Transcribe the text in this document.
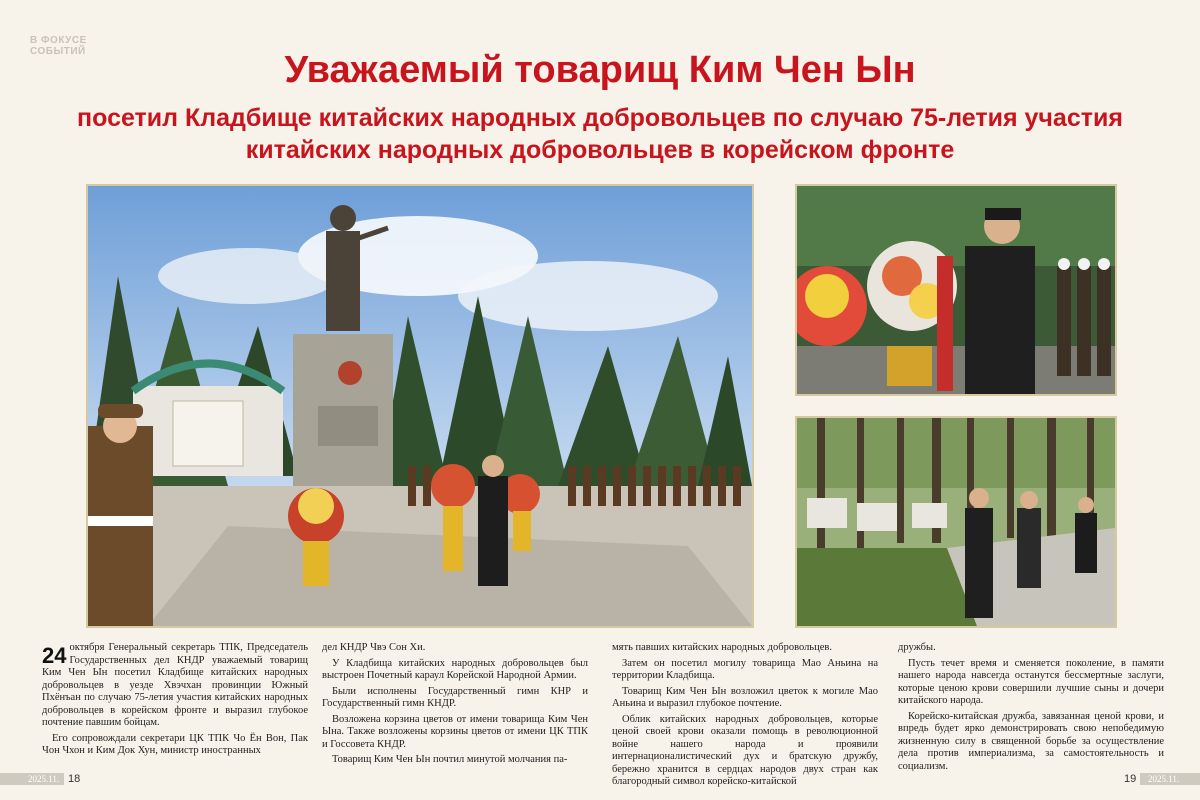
В ФОКУСЕ
СОБЫТИЙ	Уважаемый товарищ Ким Чен Ын
посетил Кладбище китайских народных добровольцев по случаю 75-летия участия китайских народных добровольцев в корейском фронте

24 октября Генеральный секретарь ТПК, Председатель Государственных дел КНДР уважаемый товарищ Ким Чен Ын посетил Кладбище китайских народных добровольцев в уезде Хвэчхан провинции Южный Пхёнъан по случаю 75-летия участия китайских народных добровольцев в корейском фронте и выразил глубокое почтение павшим бойцам.

Его сопровождали секретари ЦК ТПК Чо Ён Вон, Пак Чон Чхон и Ким Док Хун, министр иностранных

дел КНДР Чвэ Сон Хи.

У Кладбища китайских народных добровольцев был выстроен Почетный караул Корейской Народной Армии.

Были исполнены Государственный гимн КНР и Государственный гимн КНДР.

Возложена корзина цветов от имени товарища Ким Чен Ына. Также возложены корзины цветов от имени ЦК ТПК и Госсовета КНДР.

Товарищ Ким Чен Ын почтил минутой молчания па-

мять павших китайских народных добровольцев.

Затем он посетил могилу товарища Мао Аньина на территории Кладбища.

Товарищ Ким Чен Ын возложил цветок к могиле Мао Аньина и выразил глубокое почтение.

Облик китайских народных добровольцев, которые ценой своей крови оказали помощь в революционной войне нашего народа и проявили интернационалистический дух и братскую дружбу, бережно хранится в сердцах народов двух стран как благородный символ корейско-китайской

дружбы.

Пусть течет время и сменяется поколение, в памяти нашего народа навсегда останутся бессмертные заслуги, которые ценою крови совершили лучшие сыны и дочери китайского народа.

Корейско-китайская дружба, завязанная ценой крови, и впредь будет ярко демонстрировать свою непобедимую жизненную силу в священной борьбе за осуществление дела против империализма, за самостоятельность и социализм.

2025.11. 18	19 2025.11.
